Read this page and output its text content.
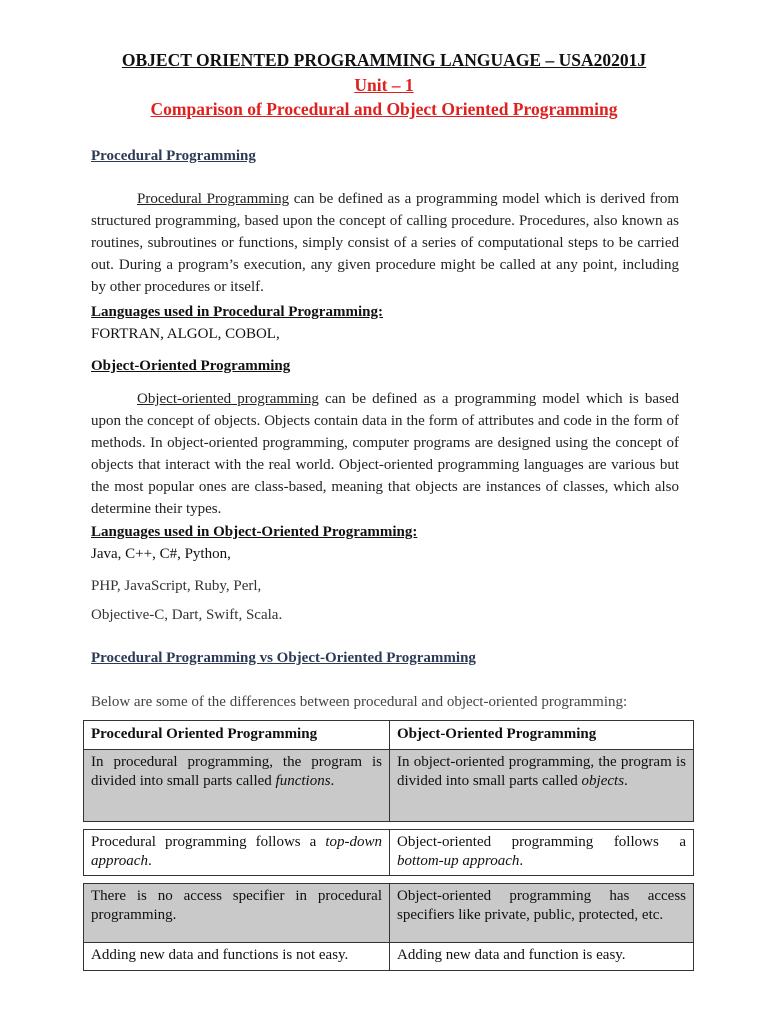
OBJECT ORIENTED PROGRAMMING LANGUAGE – USA20201J
Unit – 1
Comparison of Procedural and Object Oriented Programming
Procedural Programming
Procedural Programming can be defined as a programming model which is derived from structured programming, based upon the concept of calling procedure. Procedures, also known as routines, subroutines or functions, simply consist of a series of computational steps to be carried out. During a program’s execution, any given procedure might be called at any point, including by other procedures or itself.
Languages used in Procedural Programming:
FORTRAN, ALGOL, COBOL,
Object-Oriented Programming
Object-oriented programming can be defined as a programming model which is based upon the concept of objects. Objects contain data in the form of attributes and code in the form of methods. In object-oriented programming, computer programs are designed using the concept of objects that interact with the real world. Object-oriented programming languages are various but the most popular ones are class-based, meaning that objects are instances of classes, which also determine their types.
Languages used in Object-Oriented Programming:
Java, C++, C#, Python,
PHP, JavaScript, Ruby, Perl,
Objective-C, Dart, Swift, Scala.
Procedural Programming vs Object-Oriented Programming
Below are some of the differences between procedural and object-oriented programming:
Procedural Oriented Programming	Object-Oriented Programming
In procedural programming, the program is divided into small parts called functions.	In object-oriented programming, the program is divided into small parts called objects.

Procedural programming follows a top-down approach.	Object-oriented programming follows a bottom-up approach.

There is no access specifier in procedural programming.	Object-oriented programming has access specifiers like private, public, protected, etc.
Adding new data and functions is not easy.	Adding new data and function is easy.
